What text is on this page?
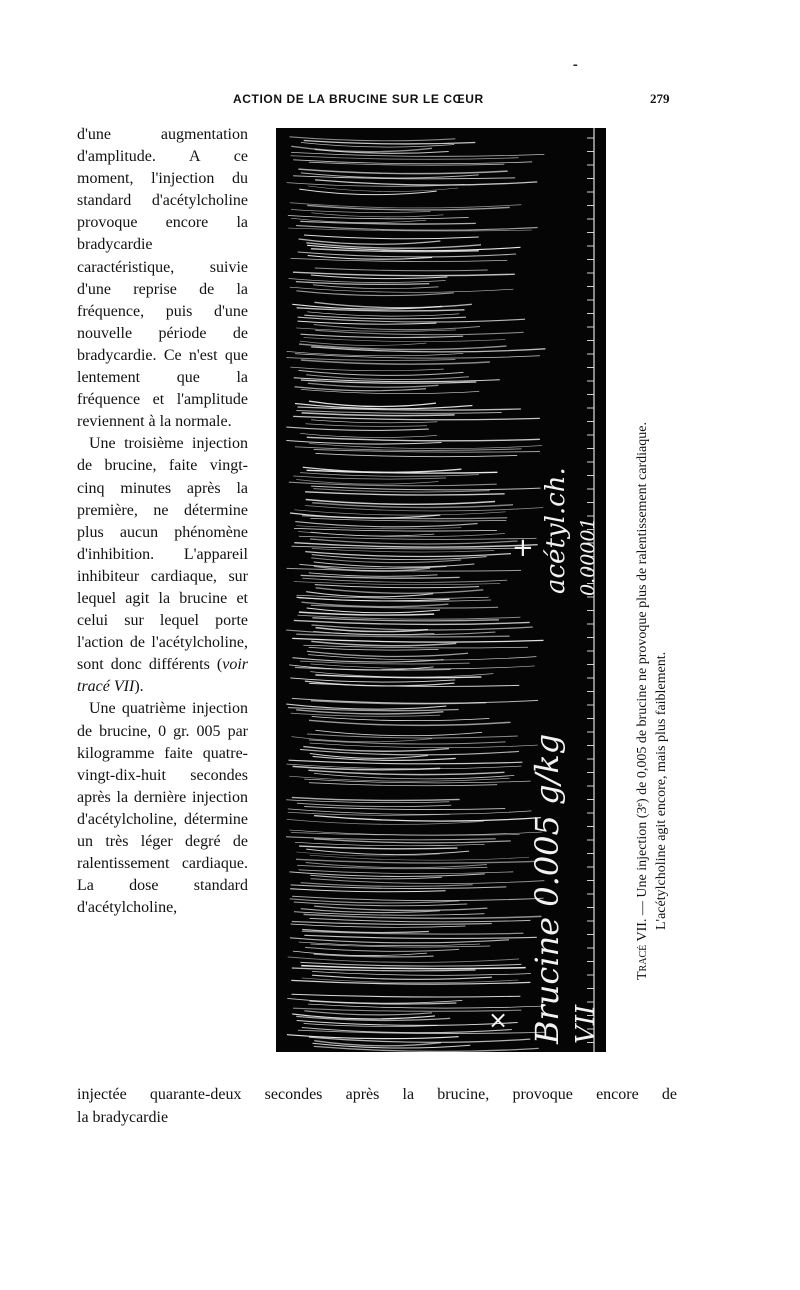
⁃
ACTION DE LA BRUCINE SUR LE CŒUR	279

d'une augmentation d'amplitude. A ce moment, l'injection du standard d'acétylcholine provoque encore la bradycardie caractéristique, suivie d'une reprise de la fréquence, puis d'une nouvelle période de bradycardie. Ce n'est que lentement que la fréquence et l'amplitude reviennent à la normale.

Une troisième injection de brucine, faite vingt-cinq minutes après la première, ne détermine plus aucun phénomène d'inhibition. L'appareil inhibiteur cardiaque, sur lequel agit la brucine et celui sur lequel porte l'action de l'acétylcholine, sont donc différents (voir tracé VII).

Une quatrième injection de brucine, 0 gr. 005 par kilogramme faite quatre-vingt-dix-huit secondes après la dernière injection d'acétylcholine, détermine un très léger degré de ralentissement cardiaque. La dose standard d'acétylcholine,

injectée quarante-deux secondes après la brucine, provoque encore de
la bradycardie
acétyl.ch. 0.00001
+
Brucine 0.005 g/kg VII
×
Tracé VII. — Une injection (3ᵉ) de 0,005 de brucine ne provoque plus de ralentissement cardiaque. L'acétylcholine agit encore, mais plus faiblement.
